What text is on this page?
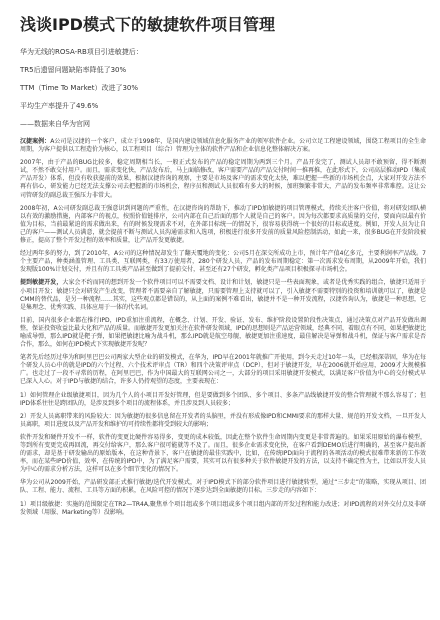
浅谈IPD模式下的敏捷软件项目管理

华为无线的ROSA-RB项目引进敏捷后：

TR5后遗留问题缺陷率降低了30%

TTM（Time To Market）改进了30%

平均生产率提升了49.6%

——数据来自华为官网

汉捷案例：A公司是汉捷的一个客户，成立于1998年，是国内建设领域信息化服务产业的领军软件企业。公司立足工程建设领域，围绕工程项目的全生命周期，为客户提供以工程造价为核心，以工程项目（综合）管理为主体的软件产品和企业信息化整体解决方案。

2007年，由于产品的BUG比较多，稳定周期相当长，一般正式发布的产品的稳定周期为两到三个月。产品开发完了，测试人员却不敢预留，得不断测试，不然不敢交付用户。而且，需求变化快，产品发布后，马上面临修改，客户需要产品的产品交付时间一推再推，在此形式下，公司高层推动IPD（集成产品开发）体系，但没有收获提前的效果，根据汉捷咨询的观察，主要是市场及客户的需求变化太快，难以把握一些新的市场机会点，大家对开发方法不再有信心，研发能力已经无法支撑公司去把握新的市场机会，程序员和测试人员很难有多大的时候，加班频繁非常大，产品的发布频率非常难控。这让公司管研发的副总裁王强压力非常大。

2008年初，A公司研发副总裁王强意识到问题的严重性，在汉捷咨询的帮助下，推动了IPD加敏捷的项目管理模式，持续关注客户价值，将对研发团队横以有效的激励措施，内部客户的视点，按照价值链排序，公司内部在自己后面的那个人就是自己的客户。因为每次都要求高质量的交付，要面向以最有价值为目标，当前最紧迫的需求做出来，有的时候发现需求不对，在外部目标统一的情况下，很容易获得统一个很好的目标或进度。例如，开发人员为让自己的客户——测试人员满意，就会提前不断与测试人员沟通需求和入选项，积极进行很多开发前的质量风险控制活动，如此一来，很多BUG在开发阶段被修正，提高了整个开发过程的效率和质量，让产品开发更敏捷。

经过两年多的努力，到了2010年，A公司的这种情况却发生了翻天覆地的变化：公司5月在深交所成功上市，预计年产值4亿多元，主要利润率产品线。7个主要产品，种类涵盖管理、工具类、互联网类，有33万使用者，280个研发人员，产品的发布周期稳定：第一次需求发布周期，从2009年开始，我们发现版100%计划交付，并且有的工具类产品甚至做到了提前交付，甚至还有27个研发，孵化类产品项目积极探寻市场机会。

提到敏捷开发，大家会不约而同的想到开发一个软件项目可以不需要文档、设计和计划，敏捷只是一些表面现象，或者是优秀实践的组合，敏捷只适用于小项目开发；敏捷只会对研发产生改变，管理者不需要亲自了解敏捷，只需要管理上支持就可以了，引入敏捷不需要特别的投资和培训就可以了，敏捷是CMM的替代品，是另一种流程……其实，这些观点都是错误的，从上面的案例不难看出，敏捷并不是一种开发流程，汉捷咨询认为，敏捷是一种思想，它是集理念、优秀实践、具体应用于一体的代名词。

目前，国内很多企业都在推行IPD，IPD重加注重流程，在概念、计划、开发、验证、发布、维护阶段设置阶段性决策点，通过决策点对产品开发做出调整，保证投资收益比最大化和产品的质量。而敏捷开发更加关注在软件研发领域，IPD的思想则是产品运营领域，经典不同，着眼点有不同，如果把敏捷比喻成导弹，那么IPD就是靶子弹，如果把敏捷比喻为战斗机，那么IPD就是航空母舰，敏捷更加注重速度，最佳解决是导弹和战斗机，保证与客户需求是否合作，那么，如何在IPD模式下实现敏捷开发呢？

笔者先后经历过华为和阿里巴巴公司两家大型企业的研发模式，在华为，IPD早在2001年就推广开使用，到今天走过10年一头，已经根深蒂固，华为在每个研发人员心中的就是IPD的六个过程、六个技术评审点（TR）和四个决策评审点（DCP），但对于敏捷开发，早在2006就开始应用，2009才大规模推广。也走过了一段不寻常的历程，在阿里巴巴，作为中国最大的互联网公司之一，大部分的项目采用敏捷开发模式，以满足客户价值为中心的交付模式早已深入人心。对于IPD与敏捷的结合，许多人仍持观望的态度，主要表现在：

1）如何管理企业级敏捷项目，因为几个人的小项目开发好管理，但是要做到多个团队、多个项目、多条产品线敏捷开发的整合管理就不那么容易了；但IPD体系往往是跨团队的，是涉及到多个项目的流程体系，并且涉及到人员较多；

2）开发人员离职带来的风险较大：因为敏捷的很多信息留在开发者的头脑里，并没有形成像IPD和CMMI要求的那样大量、规范的开发文档，一旦开发人员离职，项目进度以及产品开发和维护的可持续性都将受到较大的影响；

软件开发和硬件开发不一样，软件的变更比硬件容易得多，变更的成本较低，因此在整个软件生命周期内变更是非常普遍的。如果采用原始的瀑布模型，等到所有变更完成再回流，再交付给客户，那么客户很可能就等不及了。而且，很多企业需求变化快，在客户看到DEMO后进行明确的，甚至客户提出新的需求，却是基于研发输出的原始版本，在这种背景下，客户在敏捷的最佳实践中，比如，在传统IPD面向于流程的各项活动的模式很难带来新的工作效率，而在某些IPD价值，效率，在传统的IPD中，为了满足客户需要，其实可以有很多种关于软件敏捷开发的方法，以支持不确定性为主，比如以开发人员为中心的需求分析方法，这样可以在多个细节变化的情况下。

华为公司从2009开始，产品研发部正式推行敏捷/迭代开发模式，对于IPD模式下的部分软件项目进行敏捷转型，通过“三步走”的策略，实现从项目、团队、工程、能力、流程、工具等方面的积累，在风险可控的情况下逐步达到全面敏捷的目标。三步走的内容如下：

1）项目级敏捷：实施的范围限定在TR2—TR4A,聚焦单个项目组或多个项目组或多个项目组内部的开发过程和能力改进；对IPD流程的对外交付点及非研发领域（用服、Marketing等）没影响。
